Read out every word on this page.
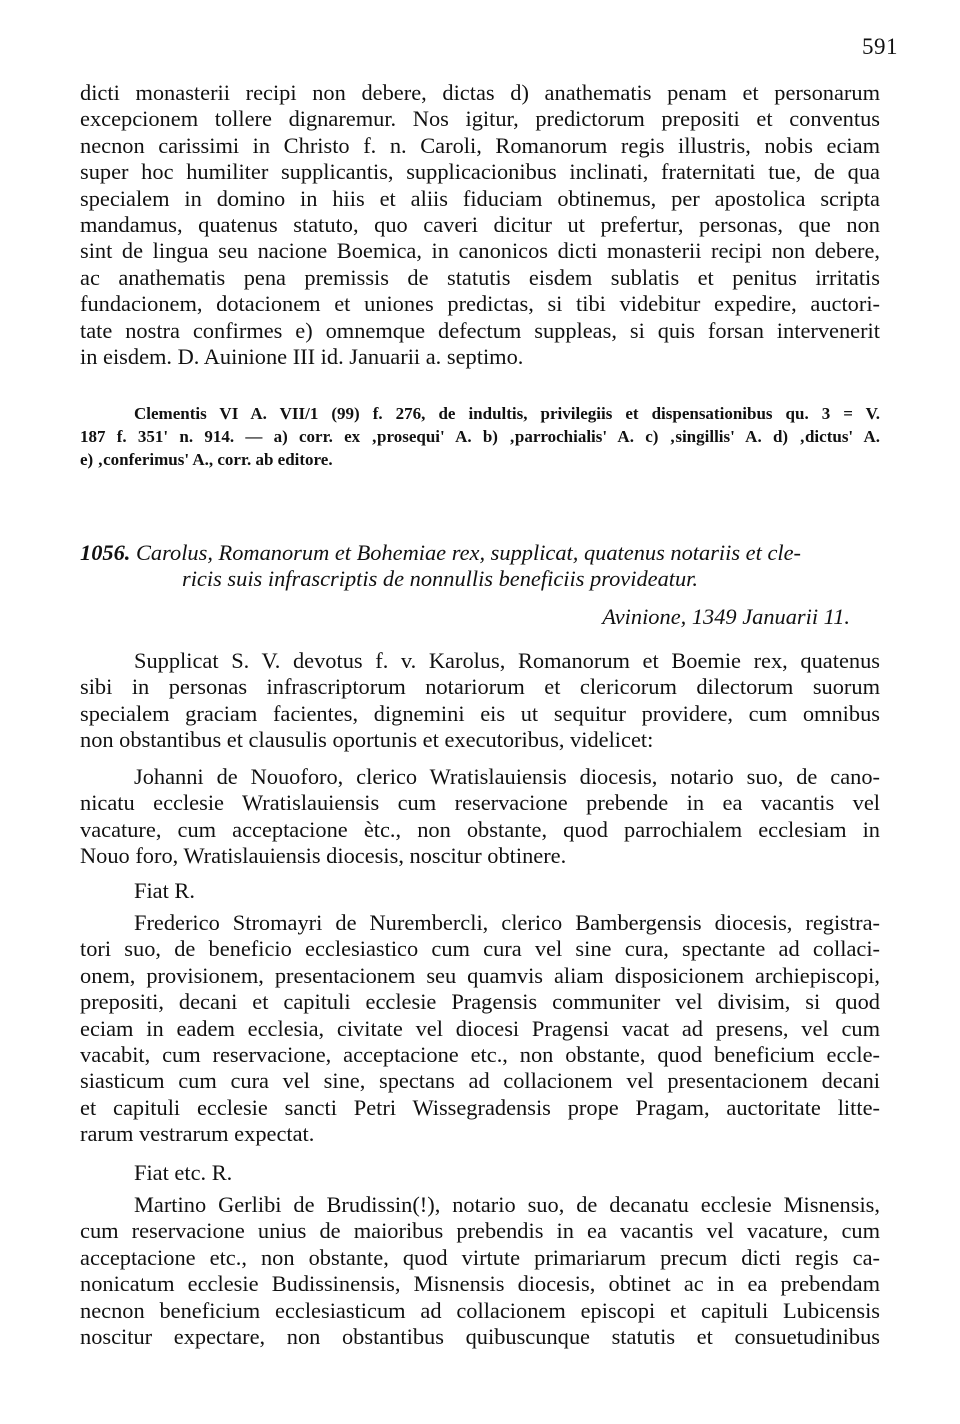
591
dicti monasterii recipi non debere, dictas d) anathematis penam et personarum
excepcionem tollere dignaremur. Nos igitur, predictorum prepositi et conventus
necnon carissimi in Christo f. n. Caroli, Romanorum regis illustris, nobis eciam
super hoc humiliter supplicantis, supplicacionibus inclinati, fraternitati tue, de qua
specialem in domino in hiis et aliis fiduciam obtinemus, per apostolica scripta
mandamus, quatenus statuto, quo caveri dicitur ut prefertur, personas, que non
sint de lingua seu nacione Boemica, in canonicos dicti monasterii recipi non debere,
ac anathematis pena premissis de statutis eisdem sublatis et penitus irritatis
fundacionem, dotacionem et uniones predictas, si tibi videbitur expedire, auctori-
tate nostra confirmes e) omnemque defectum suppleas, si quis forsan intervenerit
in eisdem. D. Auinione III id. Januarii a. septimo.
Clementis VI A. VII/1 (99) f. 276, de indultis, privilegiis et dispensationibus qu. 3 = V.
187 f. 351' n. 914. — a) corr. ex ‚prosequi' A. b) ‚parrochialis' A. c) ‚singillis' A. d) ‚dictus' A.
e) ‚conferimus' A., corr. ab editore.
1056. Carolus, Romanorum et Bohemiae rex, supplicat, quatenus notariis et cle-
ricis suis infrascriptis de nonnullis beneficiis provideatur.
Avinione, 1349 Januarii 11.
Supplicat S. V. devotus f. v. Karolus, Romanorum et Boemie rex, quatenus
sibi in personas infrascriptorum notariorum et clericorum dilectorum suorum
specialem graciam facientes, dignemini eis ut sequitur providere, cum omnibus
non obstantibus et clausulis oportunis et executoribus, videlicet:
Johanni de Nouoforo, clerico Wratislauiensis diocesis, notario suo, de cano-
nicatu ecclesie Wratislauiensis cum reservacione prebende in ea vacantis vel
vacature, cum acceptacione ètc., non obstante, quod parrochialem ecclesiam in
Nouo foro, Wratislauiensis diocesis, noscitur obtinere.
Fiat R.
Frederico Stromayri de Nurembercli, clerico Bambergensis diocesis, registra-
tori suo, de beneficio ecclesiastico cum cura vel sine cura, spectante ad collaci-
onem, provisionem, presentacionem seu quamvis aliam disposicionem archiepiscopi,
prepositi, decani et capituli ecclesie Pragensis communiter vel divisim, si quod
eciam in eadem ecclesia, civitate vel diocesi Pragensi vacat ad presens, vel cum
vacabit, cum reservacione, acceptacione etc., non obstante, quod beneficium eccle-
siasticum cum cura vel sine, spectans ad collacionem vel presentacionem decani
et capituli ecclesie sancti Petri Wissegradensis prope Pragam, auctoritate litte-
rarum vestrarum expectat.
Fiat etc. R.
Martino Gerlibi de Brudissin(!), notario suo, de decanatu ecclesie Misnensis,
cum reservacione unius de maioribus prebendis in ea vacantis vel vacature, cum
acceptacione etc., non obstante, quod virtute primariarum precum dicti regis ca-
nonicatum ecclesie Budissinensis, Misnensis diocesis, obtinet ac in ea prebendam
necnon beneficium ecclesiasticum ad collacionem episcopi et capituli Lubicensis
noscitur expectare, non obstantibus quibuscunque statutis et consuetudinibus
